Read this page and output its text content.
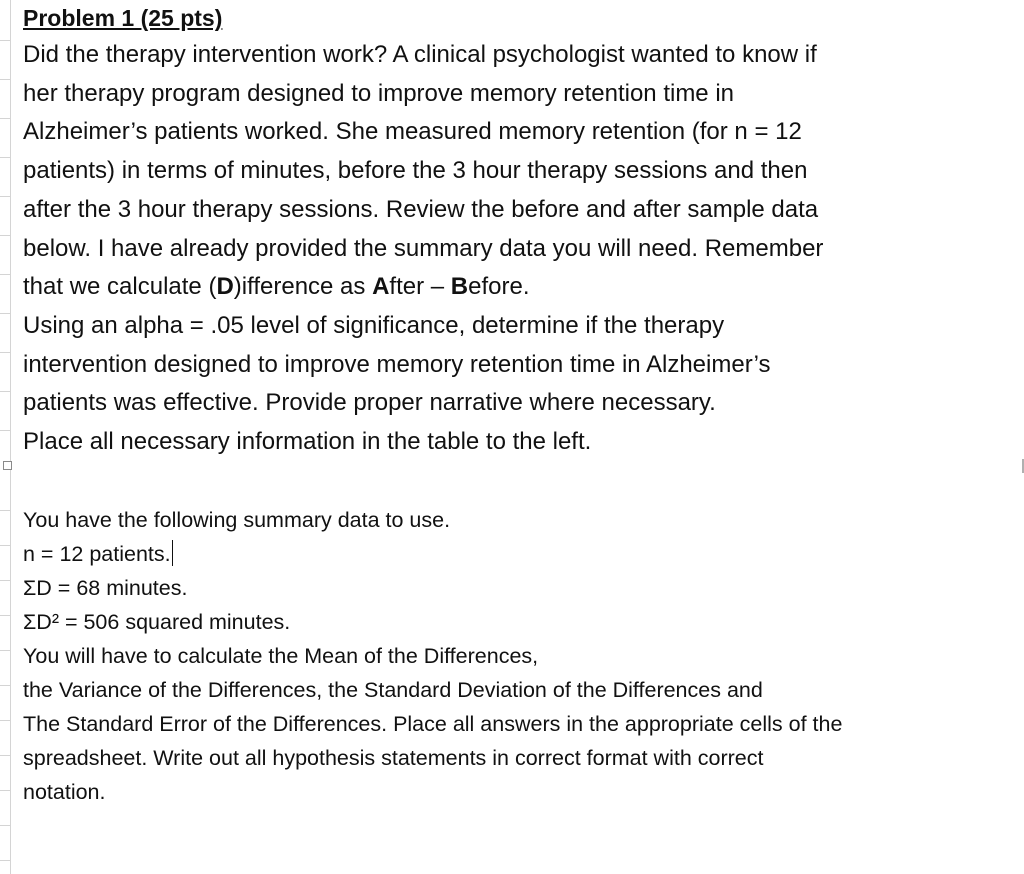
Problem 1 (25 pts)

Did the therapy intervention work? A clinical psychologist wanted to know if

her therapy program designed to improve memory retention time in

Alzheimer’s patients worked. She measured memory retention (for n = 12

patients) in terms of minutes, before the 3 hour therapy sessions and then

after the 3 hour therapy sessions. Review the before and after sample data

below. I have already provided the summary data you will need. Remember

that we calculate (D)ifference as After – Before.

Using an alpha = .05 level of significance, determine if the therapy

intervention designed to improve memory retention time in Alzheimer’s

patients was effective. Provide proper narrative where necessary.

Place all necessary information in the table to the left.

You have the following summary data to use.

n = 12 patients.

ΣD = 68 minutes.

ΣD² = 506 squared minutes.

You will have to calculate the Mean of the Differences,

the Variance of the Differences, the Standard Deviation of the Differences and

The Standard Error of the Differences. Place all answers in the appropriate cells of the

spreadsheet. Write out all hypothesis statements in correct format with correct

notation.
